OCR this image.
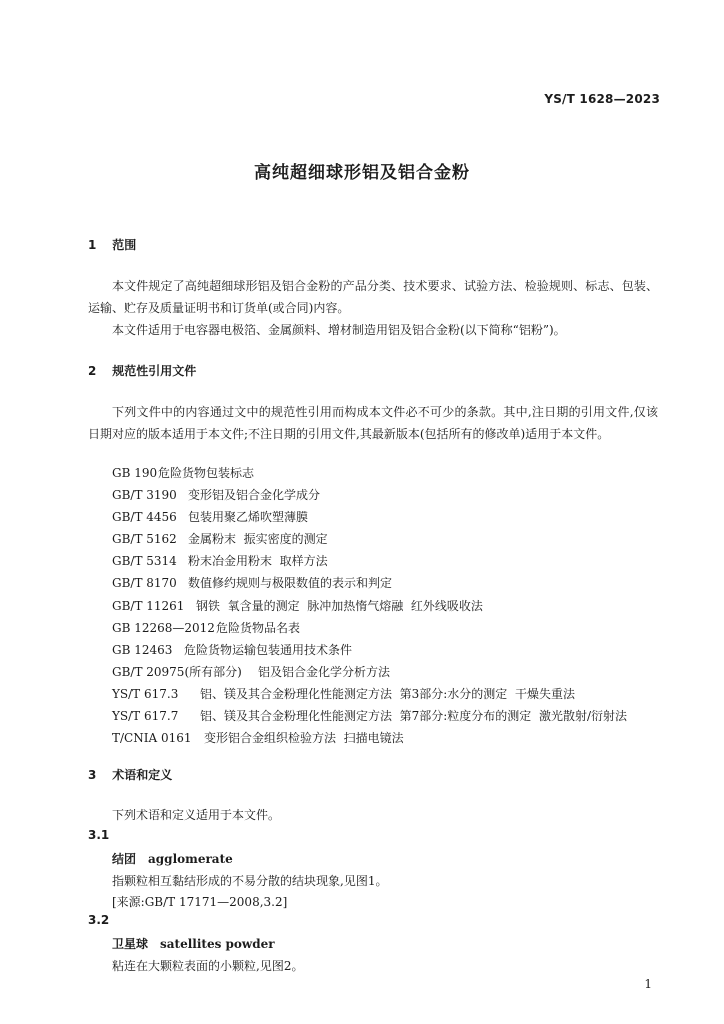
YS/T 1628—2023
高纯超细球形铝及铝合金粉
1 范围
本文件规定了高纯超细球形铝及铝合金粉的产品分类、技术要求、试验方法、检验规则、标志、包装、运输、贮存及质量证明书和订货单(或合同)内容。
本文件适用于电容器电极箔、金属颜料、增材制造用铝及铝合金粉(以下简称“铝粉”)。
2 规范性引用文件
下列文件中的内容通过文中的规范性引用而构成本文件必不可少的条款。其中,注日期的引用文件,仅该日期对应的版本适用于本文件;不注日期的引用文件,其最新版本(包括所有的修改单)适用于本文件。
GB 190危险货物包装标志
GB/T 3190 变形铝及铝合金化学成分
GB/T 4456 包装用聚乙烯吹塑薄膜
GB/T 5162 金属粉末  振实密度的测定
GB/T 5314 粉末冶金用粉末  取样方法
GB/T 8170 数值修约规则与极限数值的表示和判定
GB/T 11261 钢铁  氧含量的测定  脉冲加热惰气熔融  红外线吸收法
GB 12268—2012危险货物品名表
GB 12463 危险货物运输包装通用技术条件
GB/T 20975(所有部分) 铝及铝合金化学分析方法
YS/T 617.3 铝、镁及其合金粉理化性能测定方法  第3部分:水分的测定  干燥失重法
YS/T 617.7 铝、镁及其合金粉理化性能测定方法  第7部分:粒度分布的测定  激光散射/衍射法
T/CNIA 0161 变形铝合金组织检验方法  扫描电镜法
3 术语和定义
下列术语和定义适用于本文件。
3.1
结团 agglomerate
指颗粒相互黏结形成的不易分散的结块现象,见图1。
[来源:GB/T 17171—2008,3.2]
3.2
卫星球 satellites powder
粘连在大颗粒表面的小颗粒,见图2。
1
